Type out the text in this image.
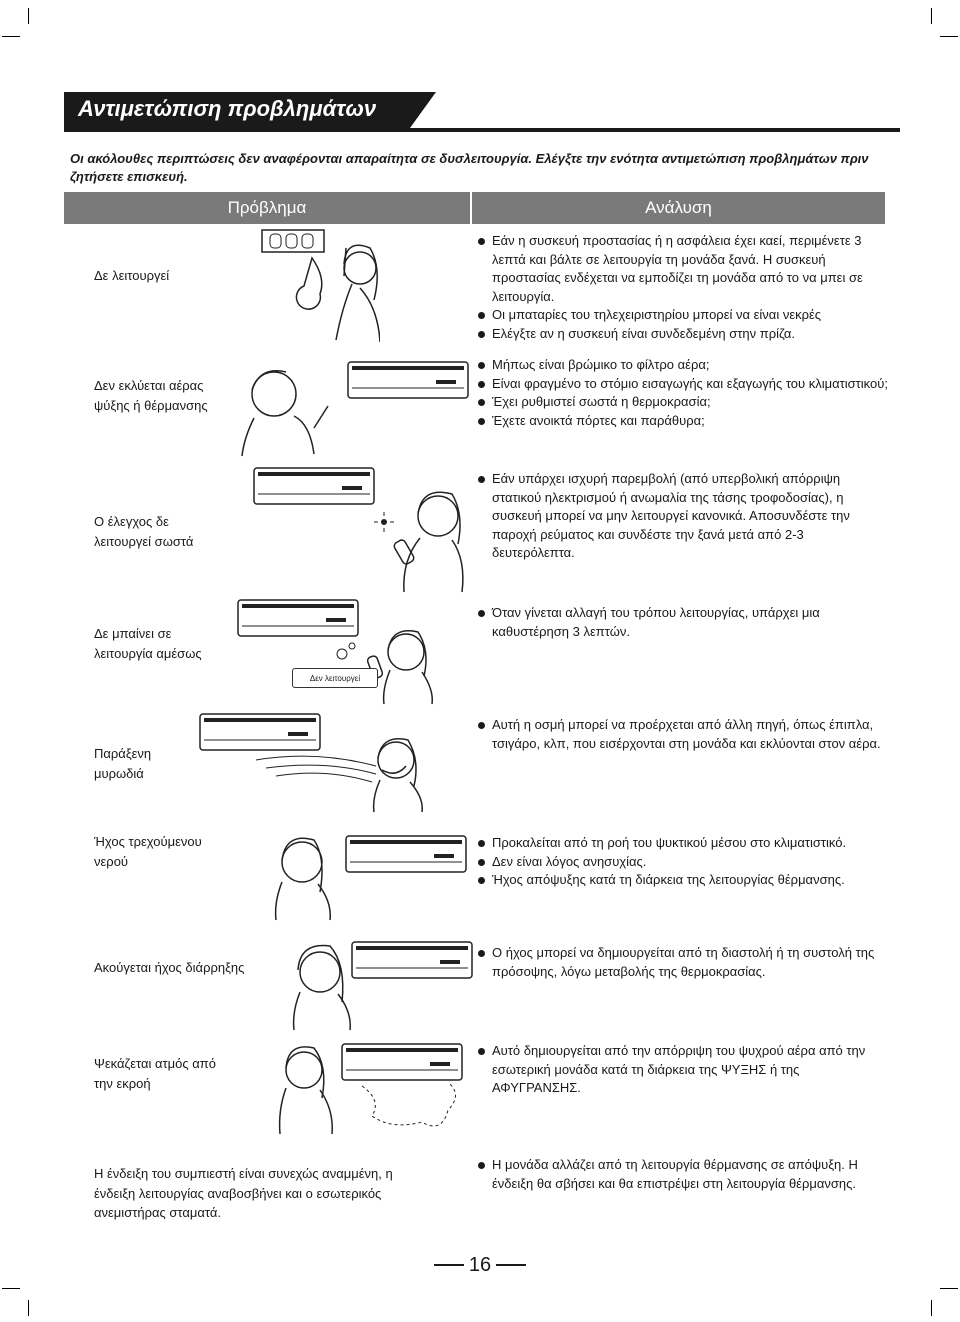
Αντιμετώπιση προβλημάτων
Οι ακόλουθες περιπτώσεις δεν αναφέρονται απαραίτητα σε δυσλειτουργία. Ελέγξτε την ενότητα αντιμετώπιση προβλημάτων πριν ζητήσετε επισκευή.
Πρόβλημα	Ανάλυση
Δε λειτουργεί
Εάν η συσκευή προστασίας ή η ασφάλεια έχει καεί, περιμένετε 3 λεπτά και βάλτε σε λειτουργία τη μονάδα ξανά. Η συσκευή προστασίας ενδέχεται να εμποδίζει τη μονάδα από το να μπει σε λειτουργία.
Οι μπαταρίες του τηλεχειριστηρίου μπορεί να είναι νεκρές
Ελέγξτε αν η συσκευή είναι συνδεδεμένη στην πρίζα.
Δεν εκλύεται αέρας ψύξης ή θέρμανσης
Μήπως είναι βρώμικο το φίλτρο αέρα;
Είναι φραγμένο το στόμιο εισαγωγής και εξαγωγής του κλιματιστικού;
Έχει ρυθμιστεί σωστά η θερμοκρασία;
Έχετε ανοικτά πόρτες και παράθυρα;
Ο έλεγχος δε λειτουργεί σωστά
Εάν υπάρχει ισχυρή παρεμβολή (από υπερβολική απόρριψη στατικού ηλεκτρισμού ή ανωμαλία της τάσης τροφοδοσίας), η συσκευή μπορεί να μην λειτουργεί κανονικά. Αποσυνδέστε την παροχή ρεύματος και συνδέστε την ξανά μετά από 2-3 δευτερόλεπτα.
Δε μπαίνει σε λειτουργία αμέσως
Δεν λειτουργεί
Όταν γίνεται αλλαγή του τρόπου λειτουργίας, υπάρχει μια καθυστέρηση 3 λεπτών.
Παράξενη μυρωδιά
Αυτή η οσμή μπορεί να προέρχεται από άλλη πηγή, όπως έπιπλα, τσιγάρο, κλπ, που εισέρχονται στη μονάδα και εκλύονται στον αέρα.
Ήχος τρεχούμενου νερού
Προκαλείται από τη ροή του ψυκτικού μέσου στο κλιματιστικό.
Δεν είναι λόγος ανησυχίας.
Ήχος απόψυξης κατά τη διάρκεια της λειτουργίας θέρμανσης.
Ακούγεται ήχος διάρρηξης
Ο ήχος μπορεί να δημιουργείται από τη διαστολή ή τη συστολή της πρόσοψης, λόγω μεταβολής της θερμοκρασίας.
Ψεκάζεται ατμός από την εκροή
Αυτό δημιουργείται από την απόρριψη του ψυχρού αέρα από την εσωτερική μονάδα κατά τη διάρκεια της ΨΥΞΗΣ ή της ΑΦΥΓΡΑΝΣΗΣ.
Η ένδειξη του συμπιεστή είναι συνεχώς αναμμένη, η ένδειξη λειτουργίας αναβοσβήνει και ο εσωτερικός ανεμιστήρας σταματά.
Η μονάδα αλλάζει από τη λειτουργία θέρμανσης σε απόψυξη. Η ένδειξη θα σβήσει και θα επιστρέψει στη λειτουργία θέρμανσης.
16
